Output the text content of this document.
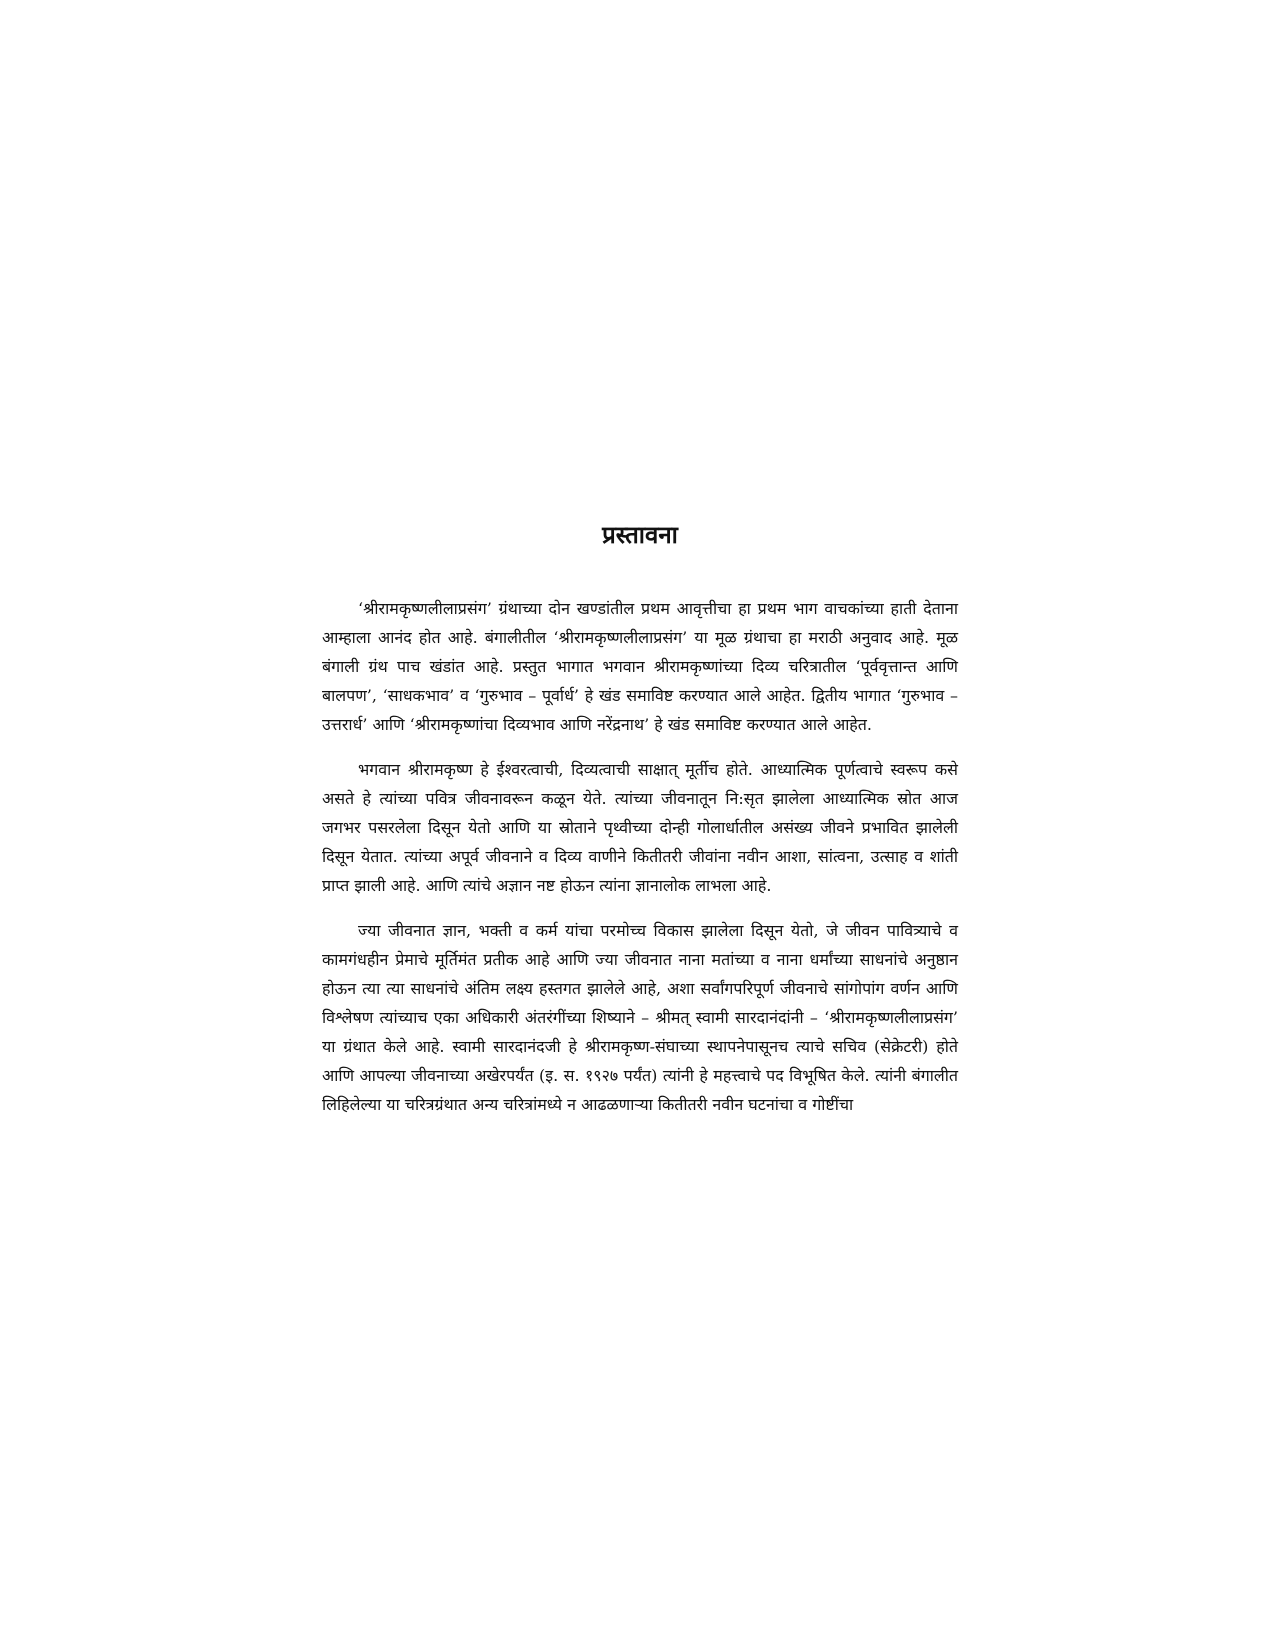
प्रस्तावना

‘श्रीरामकृष्णलीलाप्रसंग’ ग्रंथाच्या दोन खण्डांतील प्रथम आवृत्तीचा हा प्रथम भाग वाचकांच्या हाती देताना आम्हाला आनंद होत आहे. बंगालीतील ‘श्रीरामकृष्णलीलाप्रसंग’ या मूळ ग्रंथाचा हा मराठी अनुवाद आहे. मूळ बंगाली ग्रंथ पाच खंडांत आहे. प्रस्तुत भागात भगवान श्रीरामकृष्णांच्या दिव्य चरित्रातील ‘पूर्ववृत्तान्त आणि बालपण’, ‘साधकभाव’ व ‘गुरुभाव – पूर्वार्ध’ हे खंड समाविष्ट करण्यात आले आहेत. द्वितीय भागात ‘गुरुभाव – उत्तरार्ध’ आणि ‘श्रीरामकृष्णांचा दिव्यभाव आणि नरेंद्रनाथ’ हे खंड समाविष्ट करण्यात आले आहेत.

भगवान श्रीरामकृष्ण हे ईश्वरत्वाची, दिव्यत्वाची साक्षात् मूर्तीच होते. आध्यात्मिक पूर्णत्वाचे स्वरूप कसे असते हे त्यांच्या पवित्र जीवनावरून कळून येते. त्यांच्या जीवनातून नि:सृत झालेला आध्यात्मिक स्रोत आज जगभर पसरलेला दिसून येतो आणि या स्रोताने पृथ्वीच्या दोन्ही गोलार्धातील असंख्य जीवने प्रभावित झालेली दिसून येतात. त्यांच्या अपूर्व जीवनाने व दिव्य वाणीने कितीतरी जीवांना नवीन आशा, सांत्वना, उत्साह व शांती प्राप्त झाली आहे. आणि त्यांचे अज्ञान नष्ट होऊन त्यांना ज्ञानालोक लाभला आहे.

ज्या जीवनात ज्ञान, भक्ती व कर्म यांचा परमोच्च विकास झालेला दिसून येतो, जे जीवन पावित्र्याचे व कामगंधहीन प्रेमाचे मूर्तिमंत प्रतीक आहे आणि ज्या जीवनात नाना मतांच्या व नाना धर्मांच्या साधनांचे अनुष्ठान होऊन त्या त्या साधनांचे अंतिम लक्ष्य हस्तगत झालेले आहे, अशा सर्वांगपरिपूर्ण जीवनाचे सांगोपांग वर्णन आणि विश्लेषण त्यांच्याच एका अधिकारी अंतरंगींच्या शिष्याने – श्रीमत् स्वामी सारदानंदांनी – ‘श्रीरामकृष्णलीलाप्रसंग’ या ग्रंथात केले आहे. स्वामी सारदानंदजी हे श्रीरामकृष्ण-संघाच्या स्थापनेपासूनच त्याचे सचिव (सेक्रेटरी) होते आणि आपल्या जीवनाच्या अखेरपर्यंत (इ. स. १९२७ पर्यंत) त्यांनी हे महत्त्वाचे पद विभूषित केले. त्यांनी बंगालीत लिहिलेल्या या चरित्रग्रंथात अन्य चरित्रांमध्ये न आढळणाऱ्या कितीतरी नवीन घटनांचा व गोष्टींचा
